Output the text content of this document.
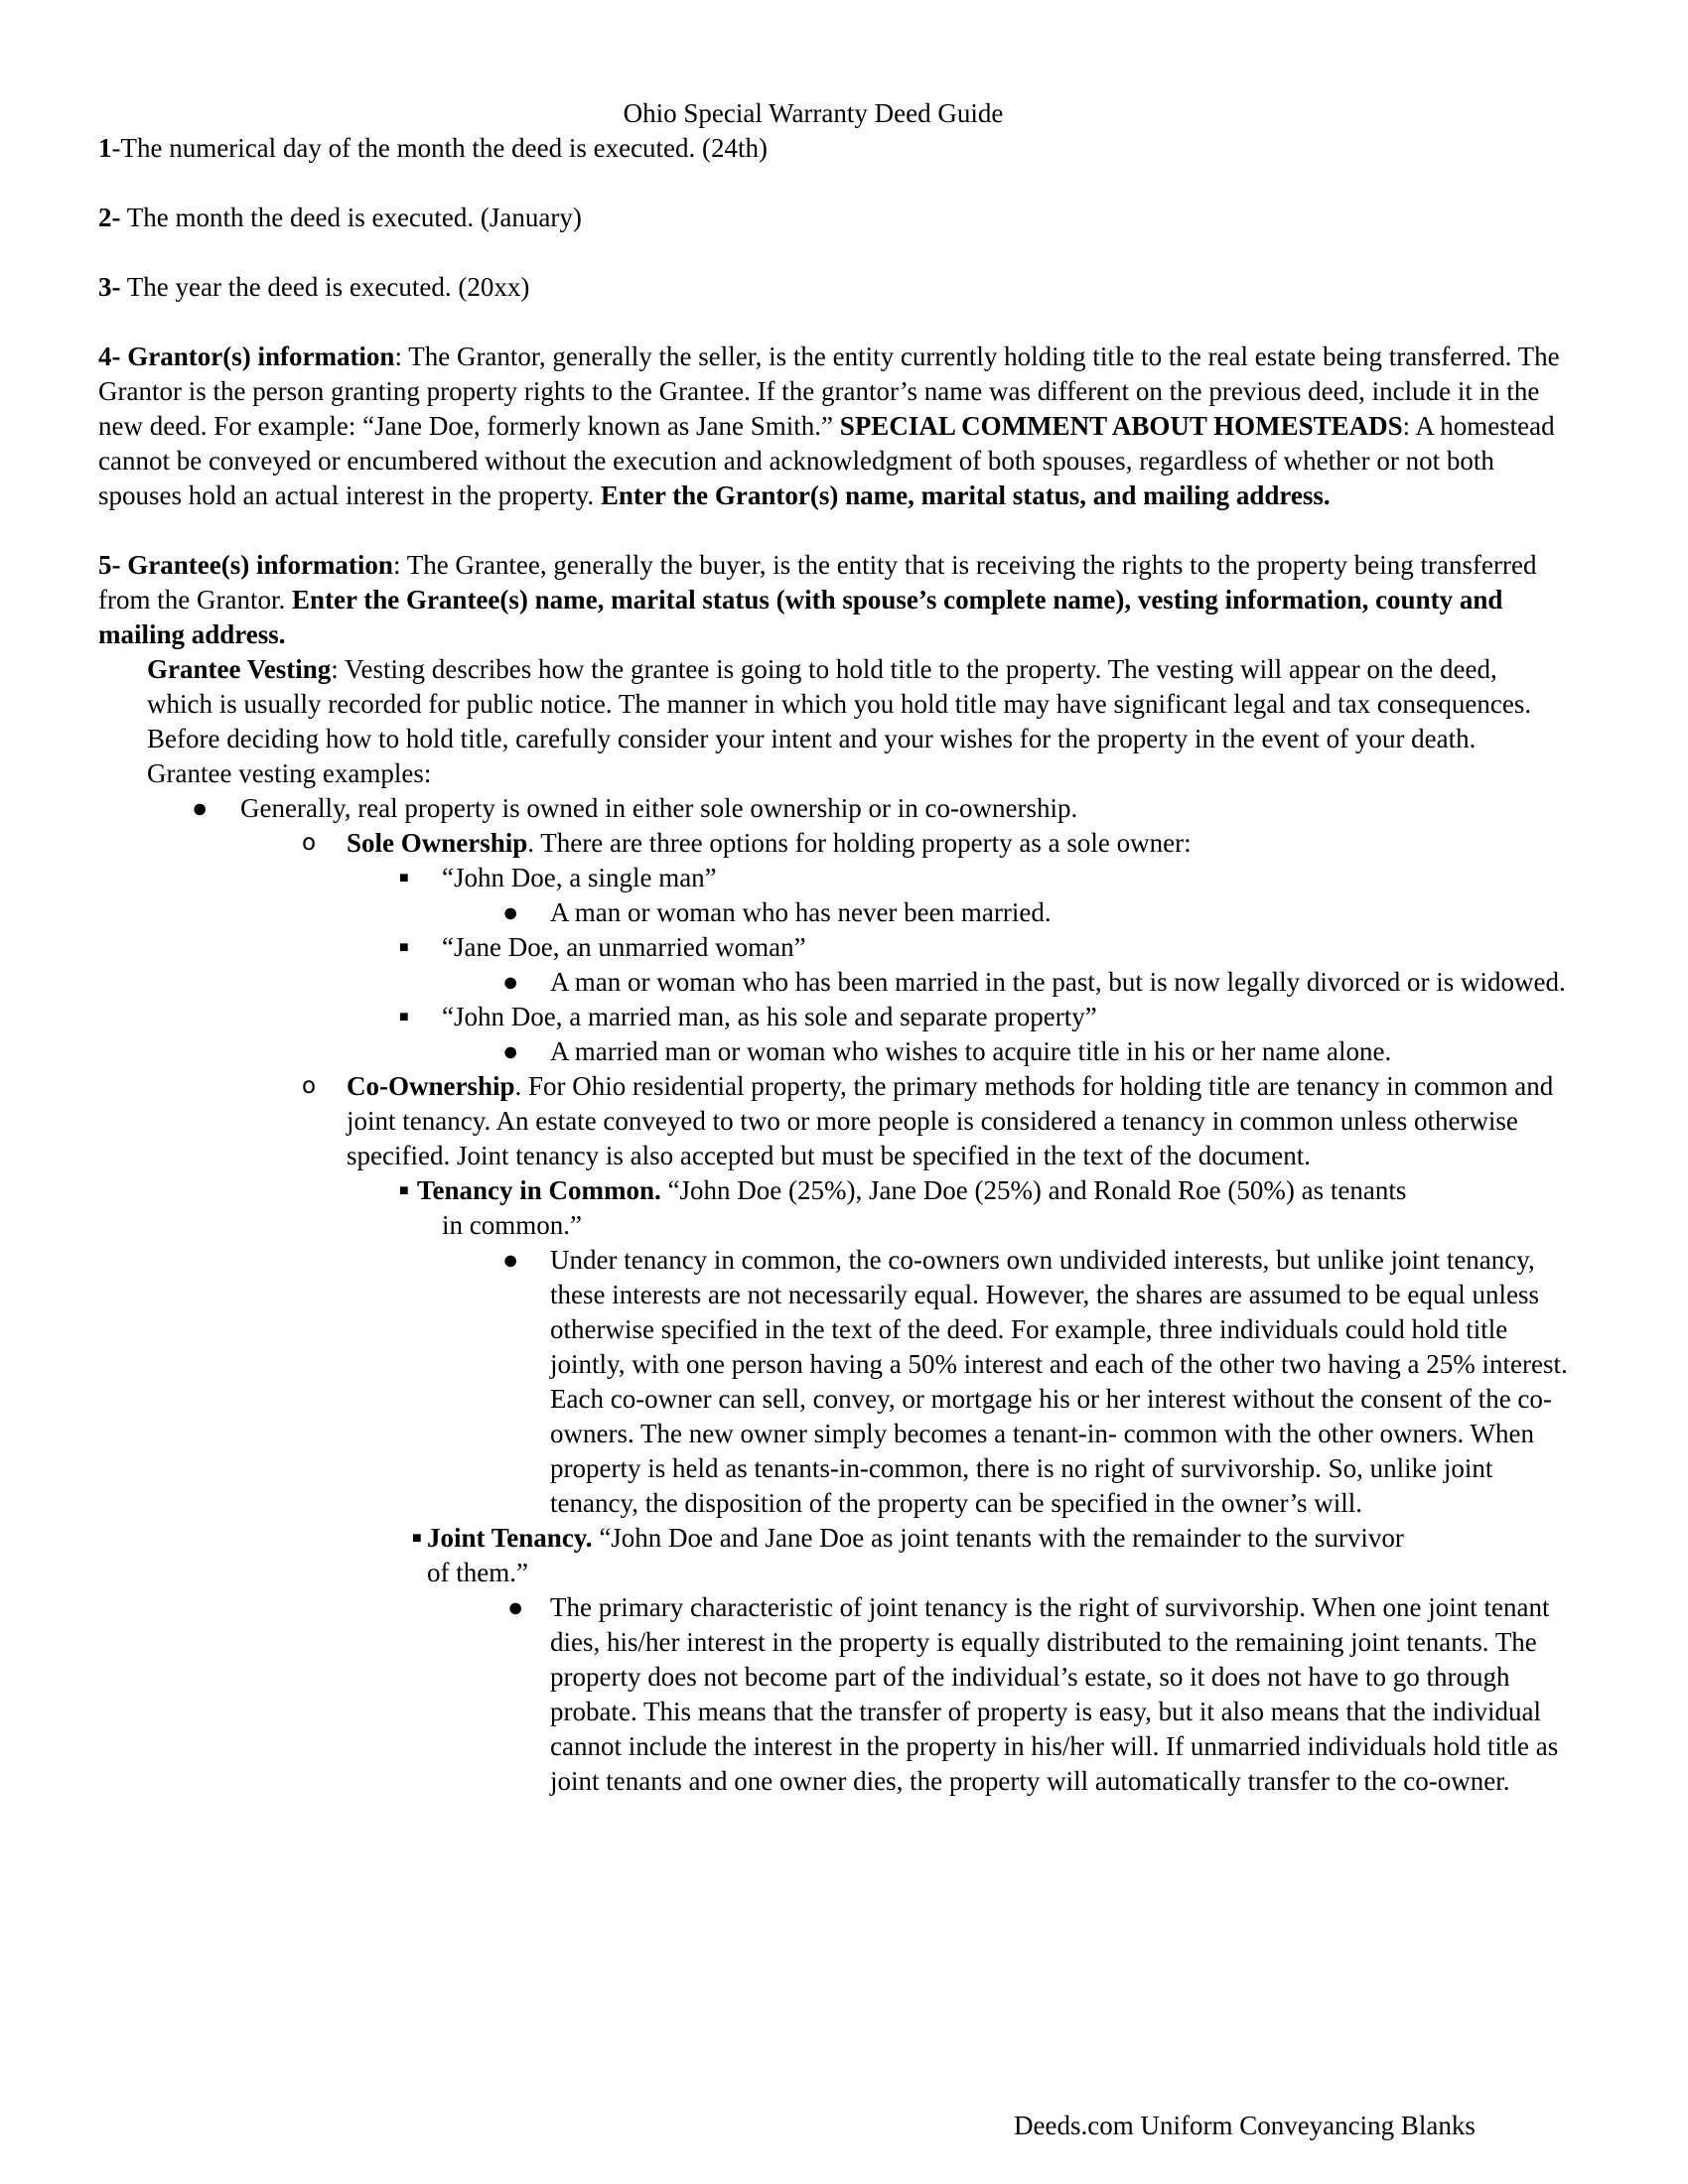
Ohio Special Warranty Deed Guide

1-The numerical day of the month the deed is executed. (24th)

2- The month the deed is executed. (January)

3- The year the deed is executed. (20xx)

4- Grantor(s) information: The Grantor, generally the seller, is the entity currently holding title to the real estate being transferred. The Grantor is the person granting property rights to the Grantee. If the grantor’s name was different on the previous deed, include it in the new deed. For example: “Jane Doe, formerly known as Jane Smith.” SPECIAL COMMENT ABOUT HOMESTEADS: A homestead cannot be conveyed or encumbered without the execution and acknowledgment of both spouses, regardless of whether or not both spouses hold an actual interest in the property. Enter the Grantor(s) name, marital status, and mailing address.

5- Grantee(s) information: The Grantee, generally the buyer, is the entity that is receiving the rights to the property being transferred from the Grantor. Enter the Grantee(s) name, marital status (with spouse’s complete name), vesting information, county and mailing address.

Grantee Vesting: Vesting describes how the grantee is going to hold title to the property. The vesting will appear on the deed, which is usually recorded for public notice. The manner in which you hold title may have significant legal and tax consequences. Before deciding how to hold title, carefully consider your intent and your wishes for the property in the event of your death. Grantee vesting examples:

● Generally, real property is owned in either sole ownership or in co-ownership.

o Sole Ownership. There are three options for holding property as a sole owner:

■ “John Doe, a single man”

● A man or woman who has never been married.

■ “Jane Doe, an unmarried woman”

● A man or woman who has been married in the past, but is now legally divorced or is widowed.

■ “John Doe, a married man, as his sole and separate property”

● A married man or woman who wishes to acquire title in his or her name alone.

o Co-Ownership. For Ohio residential property, the primary methods for holding title are tenancy in common and joint tenancy. An estate conveyed to two or more people is considered a tenancy in common unless otherwise specified. Joint tenancy is also accepted but must be specified in the text of the document.

■ Tenancy in Common. “John Doe (25%), Jane Doe (25%) and Ronald Roe (50%) as tenants in common.”

● Under tenancy in common, the co-owners own undivided interests, but unlike joint tenancy, these interests are not necessarily equal. However, the shares are assumed to be equal unless otherwise specified in the text of the deed. For example, three individuals could hold title jointly, with one person having a 50% interest and each of the other two having a 25% interest. Each co-owner can sell, convey, or mortgage his or her interest without the consent of the co-owners. The new owner simply becomes a tenant-in- common with the other owners. When property is held as tenants-in-common, there is no right of survivorship. So, unlike joint tenancy, the disposition of the property can be specified in the owner’s will.

■ Joint Tenancy. “John Doe and Jane Doe as joint tenants with the remainder to the survivor of them.”

● The primary characteristic of joint tenancy is the right of survivorship. When one joint tenant dies, his/her interest in the property is equally distributed to the remaining joint tenants. The property does not become part of the individual’s estate, so it does not have to go through probate. This means that the transfer of property is easy, but it also means that the individual cannot include the interest in the property in his/her will. If unmarried individuals hold title as joint tenants and one owner dies, the property will automatically transfer to the co-owner.

Deeds.com Uniform Conveyancing Blanks
